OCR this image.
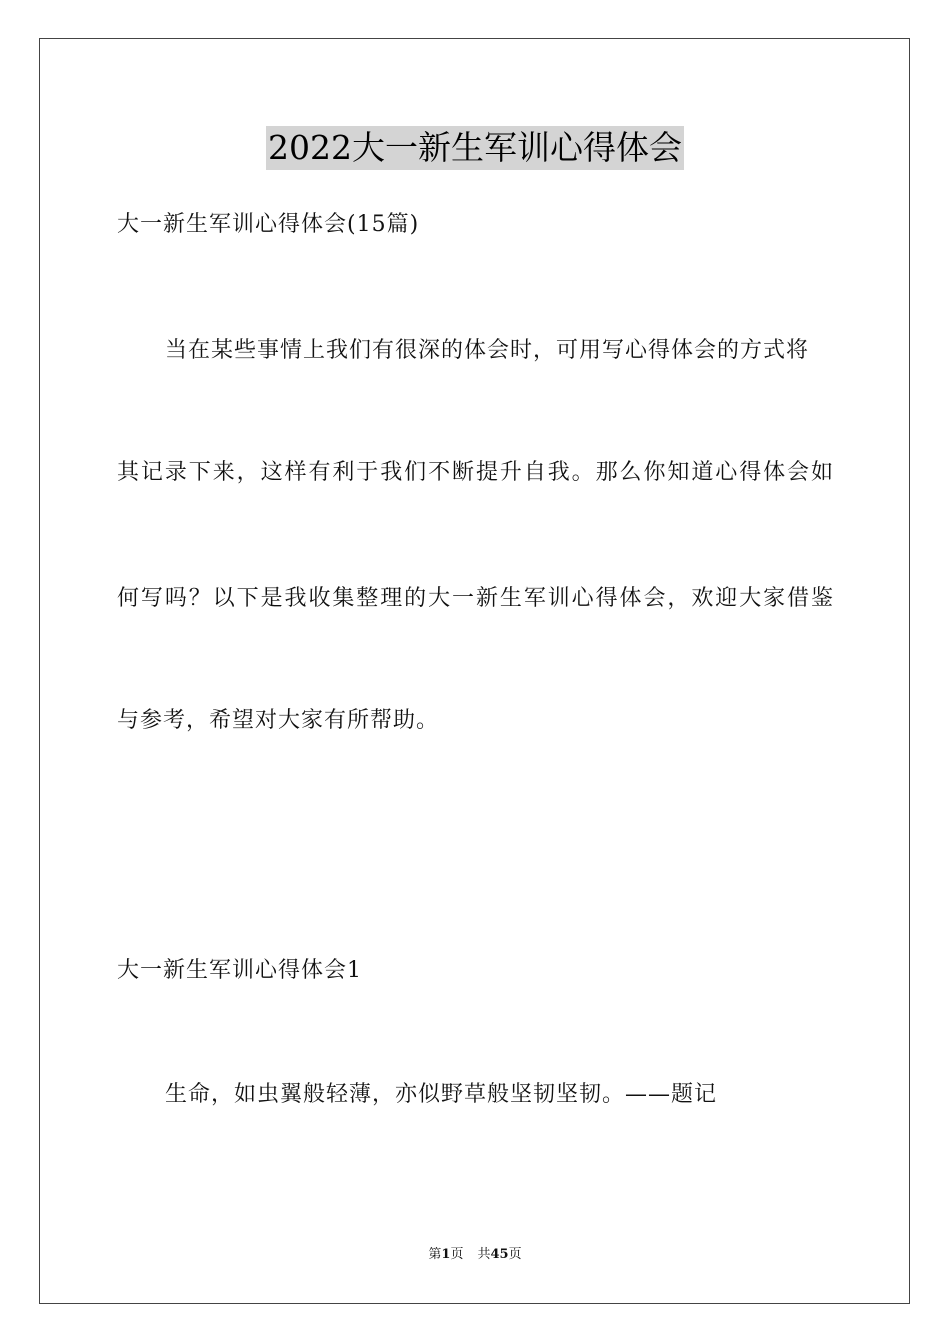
2022大一新生军训心得体会
大一新生军训心得体会(15篇)
当在某些事情上我们有很深的体会时，可用写心得体会的方式将
其记录下来，这样有利于我们不断提升自我。那么你知道心得体会如
何写吗？以下是我收集整理的大一新生军训心得体会，欢迎大家借鉴
与参考，希望对大家有所帮助。
大一新生军训心得体会1
生命，如虫翼般轻薄，亦似野草般坚韧坚韧。——题记
第1页 共45页
